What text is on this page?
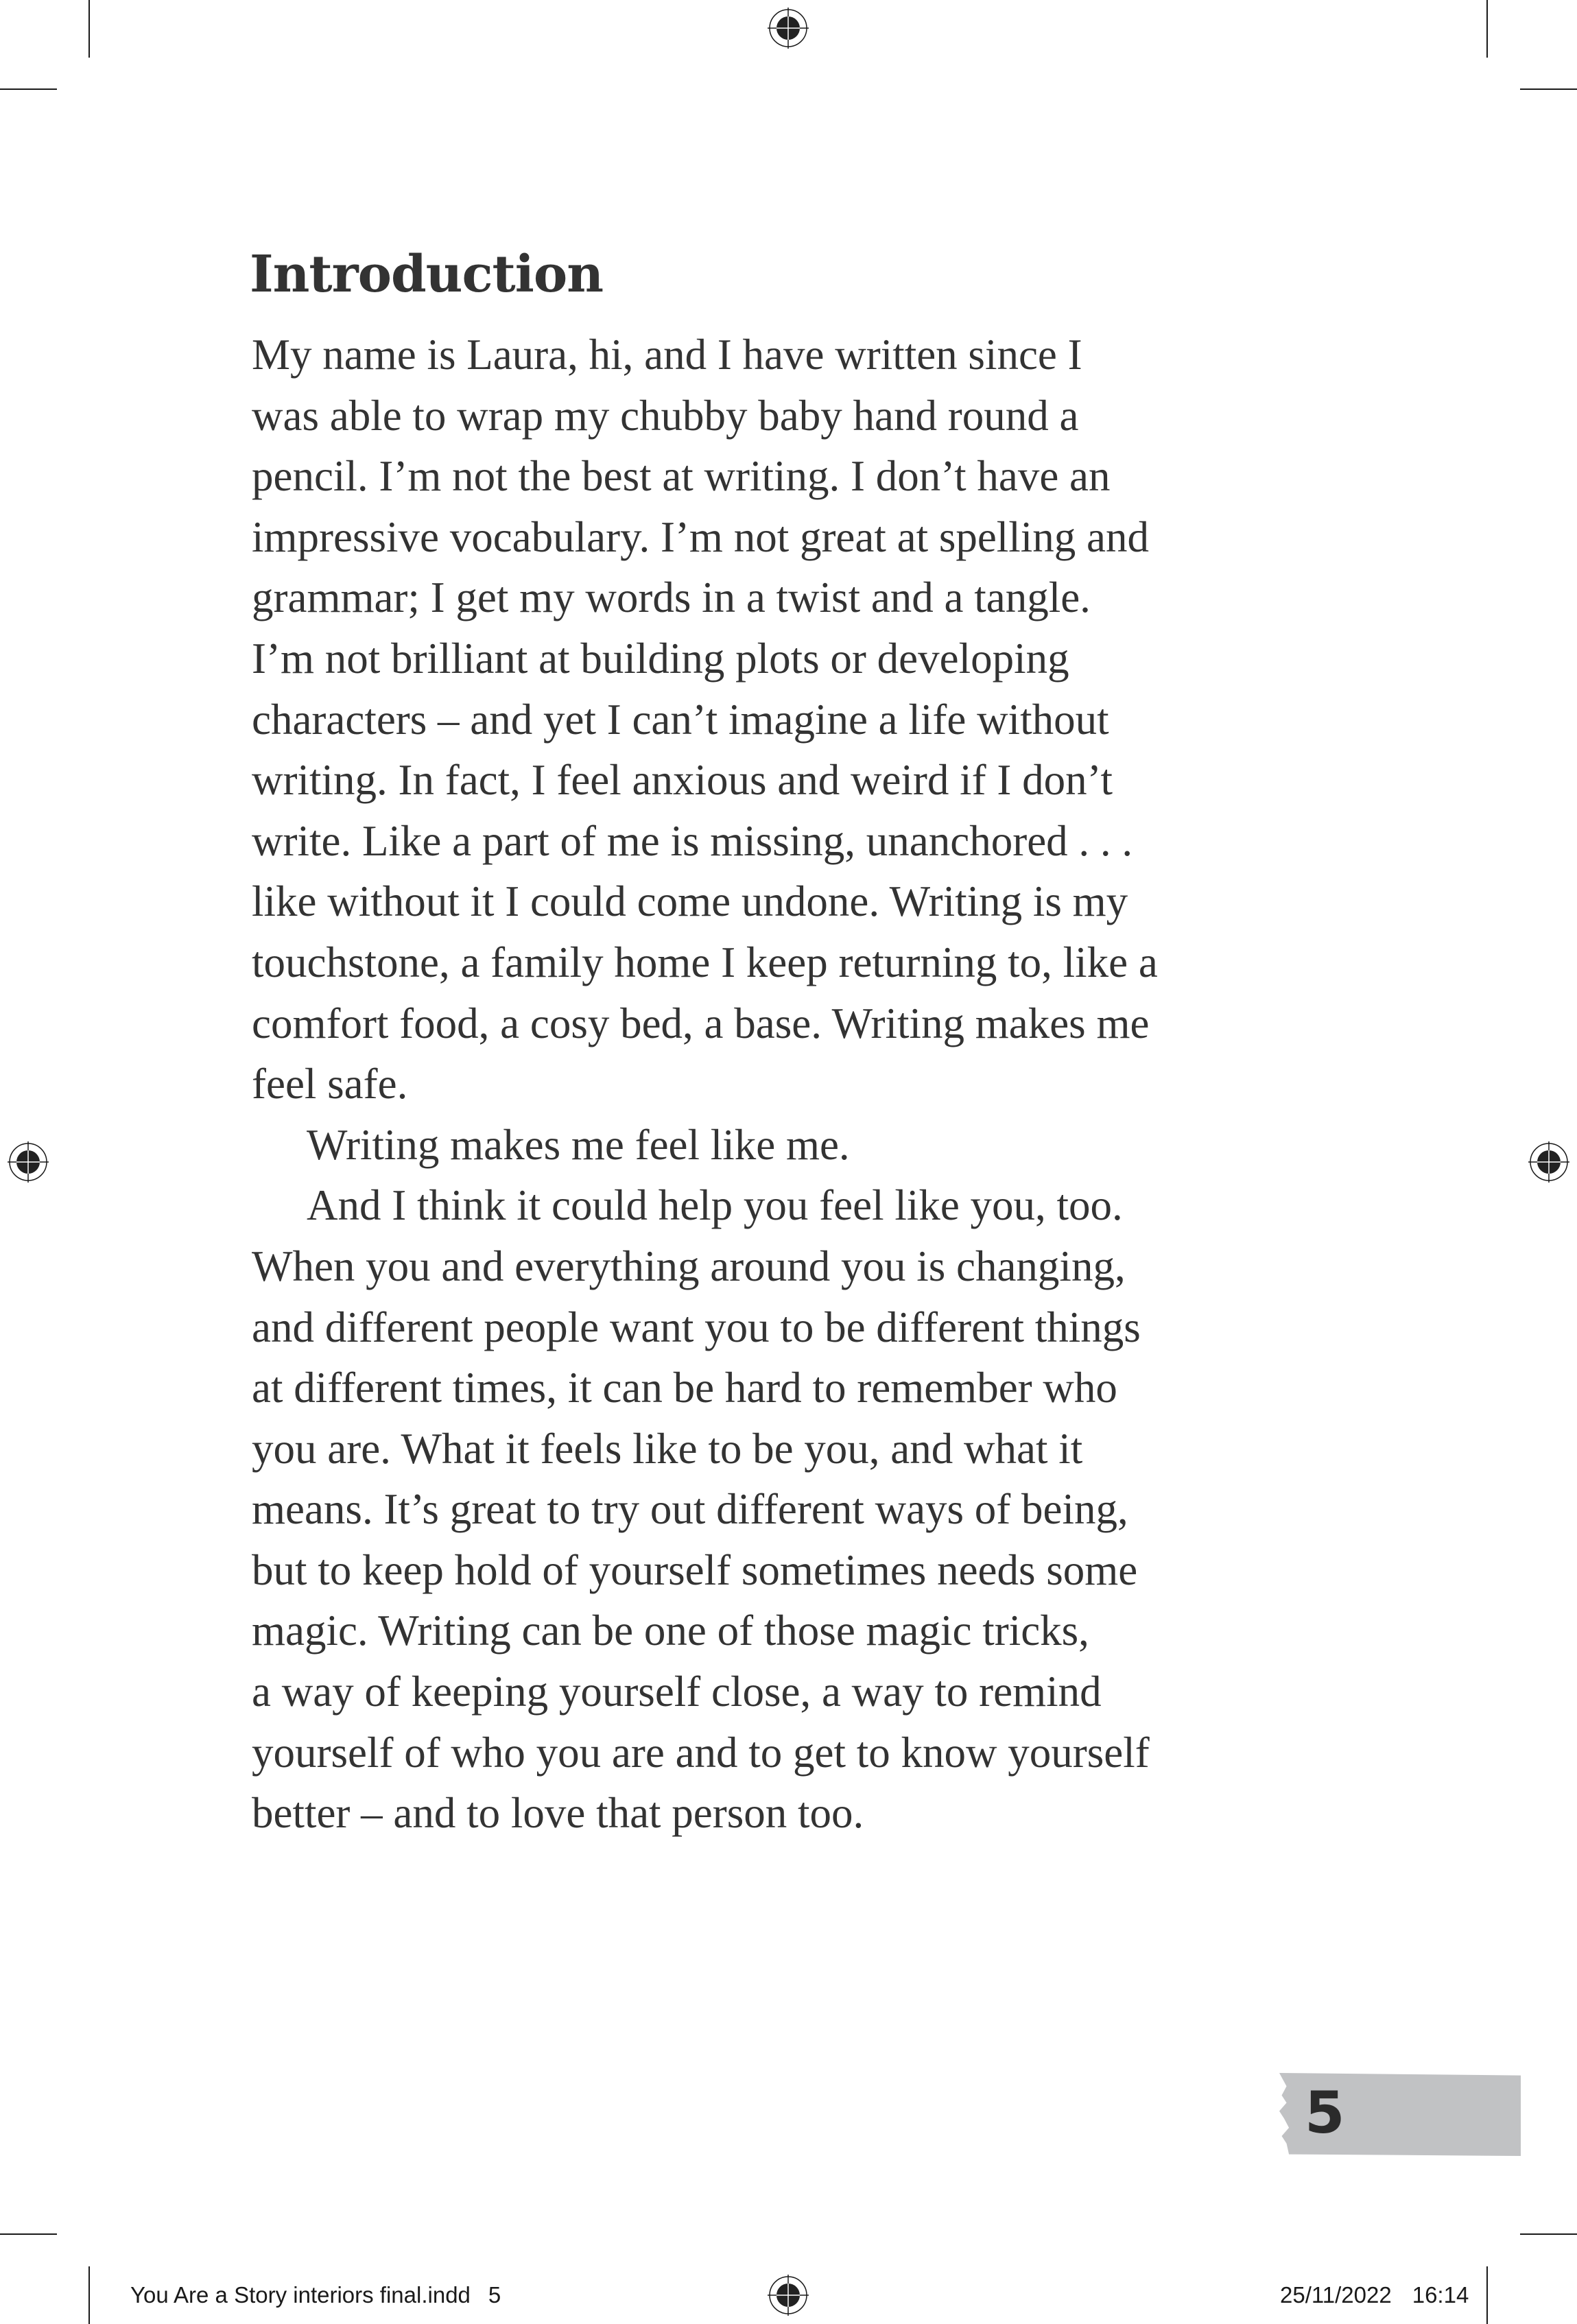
Introduction
My name is Laura, hi, and I have written since I
was able to wrap my chubby baby hand round a
pencil. I’m not the best at writing. I don’t have an
impressive vocabulary. I’m not great at spelling and
grammar; I get my words in a twist and a tangle.
I’m not brilliant at building plots or developing
characters – and yet I can’t imagine a life without
writing. In fact, I feel anxious and weird if I don’t
write. Like a part of me is missing, unanchored . . .
like without it I could come undone. Writing is my
touchstone, a family home I keep returning to, like a
comfort food, a cosy bed, a base. Writing makes me
feel safe.
Writing makes me feel like me.
And I think it could help you feel like you, too.
When you and everything around you is changing,
and different people want you to be different things
at different times, it can be hard to remember who
you are. What it feels like to be you, and what it
means. It’s great to try out different ways of being,
but to keep hold of yourself sometimes needs some
magic. Writing can be one of those magic tricks,
a way of keeping yourself close, a way to remind
yourself of who you are and to get to know yourself
better – and to love that person too.
5
You Are a Story interiors final.indd 5	25/11/2022 16:14
